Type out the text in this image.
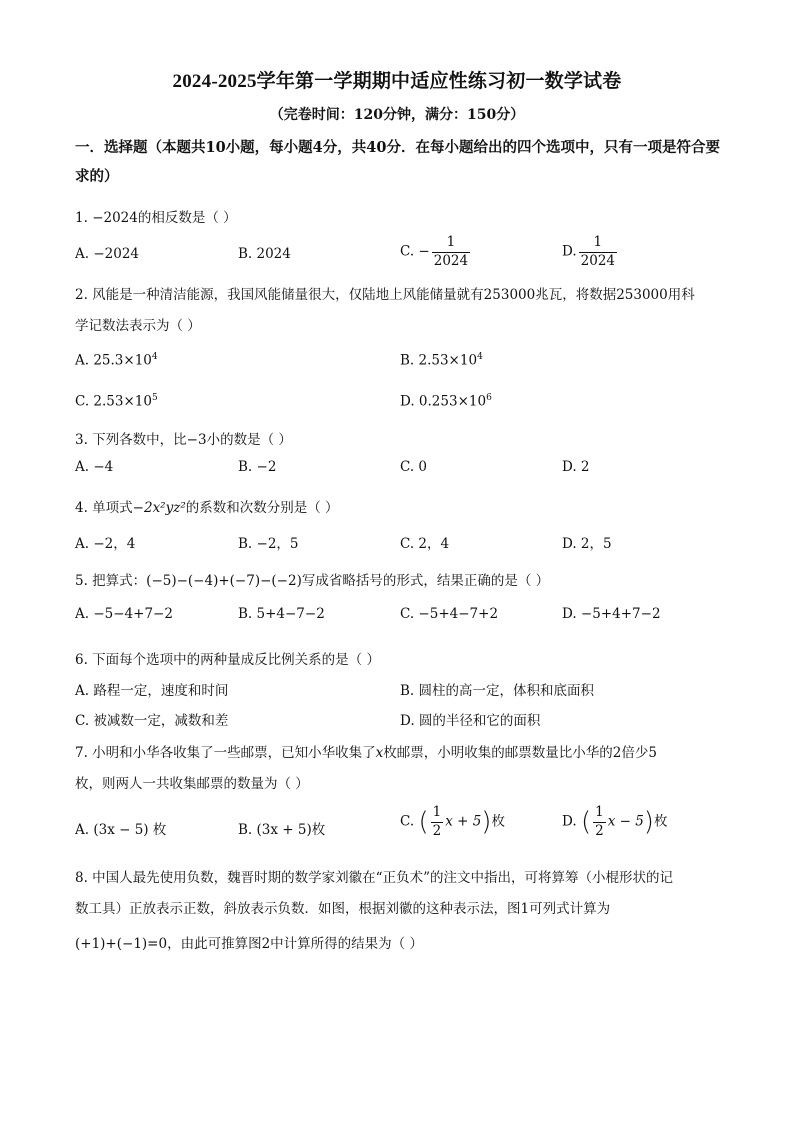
2024-2025学年第一学期期中适应性练习初一数学试卷
（完卷时间：120分钟，满分：150分）
一．选择题（本题共10小题，每小题4分，共40分．在每小题给出的四个选项中，只有一项是符合要求的）
1. −2024的相反数是（ ）
A. −2024	B. 2024	C. − $\frac{1}{2024}$	D. $\frac{1}{2024}$
2. 风能是一种清洁能源，我国风能储量很大，仅陆地上风能储量就有253000兆瓦，将数据253000用科
学记数法表示为（ ）
A. $25.3\times 10^4$	B. $2.53\times 10^4$
C. $2.53\times 10^5$	D. $0.253\times 10^6$
3. 下列各数中，比−3小的数是（ ）
A. −4	B. −2	C. 0	D. 2
4. 单项式−2x²yz²的系数和次数分别是（ ）
A. −2，4	B. −2，5	C. 2，4	D. 2，5
5. 把算式：(−5)−(−4)+(−7)−(−2)写成省略括号的形式，结果正确的是（ ）
A. −5−4+7−2	B. 5+4−7−2	C. −5+4−7+2	D. −5+4+7−2
6. 下面每个选项中的两种量成反比例关系的是（ ）
A. 路程一定，速度和时间	B. 圆柱的高一定，体积和底面积
C. 被减数一定，减数和差	D. 圆的半径和它的面积
7. 小明和小华各收集了一些邮票，已知小华收集了x枚邮票，小明收集的邮票数量比小华的2倍少5
枚，则两人一共收集邮票的数量为（ ）
A. (3x − 5) 枚	B. (3x + 5)枚
C. ( $\frac{1}{2}$ x + 5)枚	D. ( $\frac{1}{2}$ x − 5)枚
8. 中国人最先使用负数，魏晋时期的数学家刘徽在“正负术”的注文中指出，可将算筹（小棍形状的记
数工具）正放表示正数，斜放表示负数．如图，根据刘徽的这种表示法，图1可列式计算为
(+1)+(−1)=0，由此可推算图2中计算所得的结果为（ ）
